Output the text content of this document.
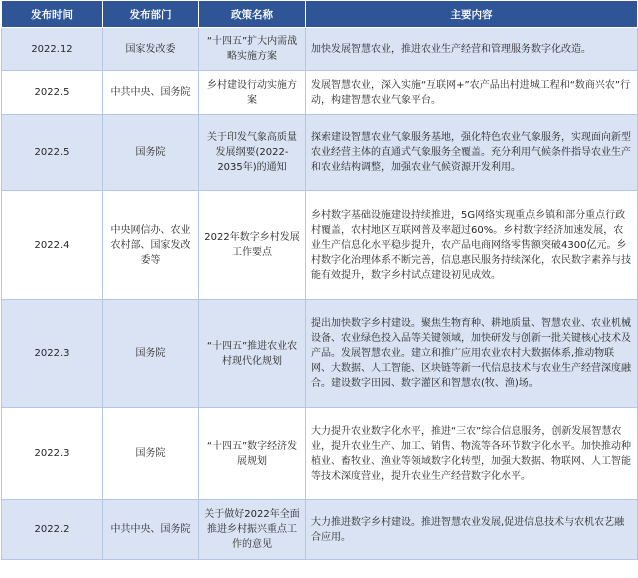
发布时间	发布部门	政策名称	主要内容
2022.12	国家发改委	“十四五”扩大内需战略实施方案	加快发展智慧农业，推进农业生产经营和管理服务数字化改造。
2022.5	中共中央、国务院	乡村建设行动实施方案	发展智慧农业，深入实施“互联网+”农产品出村进城工程和“数商兴农”行动，构建智慧农业气象平台。
2022.5	国务院	关于印发气象高质量发展纲要(2022-2035年)的通知	探索建设智慧农业气象服务基地，强化特色农业气象服务，实现面向新型农业经营主体的直通式气象服务全覆盖。充分利用气候条件指导农业生产和农业结构调整，加强农业气候资源开发利用。
2022.4	中央网信办、农业农村部、国家发改委等	2022年数字乡村发展工作要点	乡村数字基础设施建设持续推进，5G网络实现重点乡镇和部分重点行政村覆盖，农村地区互联网普及率超过60%。乡村数字经济加速发展，农业生产信息化水平稳步提升，农产品电商网络零售额突破4300亿元。乡村数字化治理体系不断完善，信息惠民服务持续深化，农民数字素养与技能有效提升，数字乡村试点建设初见成效。
2022.3	国务院	“十四五”推进农业农村现代化规划	提出加快数字乡村建设。聚焦生物育种、耕地质量、智慧农业、农业机械设备、农业绿色投入品等关键领域，加快研发与创新一批关键核心技术及产品。发展智慧农业。建立和推广应用农业农村大数据体系,推动物联网、大数据、人工智能、区块链等新一代信息技术与农业生产经营深度融合。建设数字田园、数字灌区和智慧农(牧、渔)场。
2022.3	国务院	“十四五”数字经济发展规划	大力提升农业数字化水平，推进“三农”综合信息服务，创新发展智慧农业，提升农业生产、加工、销售、物流等各环节数字化水平。加快推动种植业、畜牧业、渔业等领域数字化转型，加强大数据、物联网、人工智能等技术深度营业，提升农业生产经营数字化水平。
2022.2	中共中央、国务院	关于做好2022年全面推进乡村振兴重点工作的意见	大力推进数字乡村建设。推进智慧农业发展,促进信息技术与农机农艺融合应用。
